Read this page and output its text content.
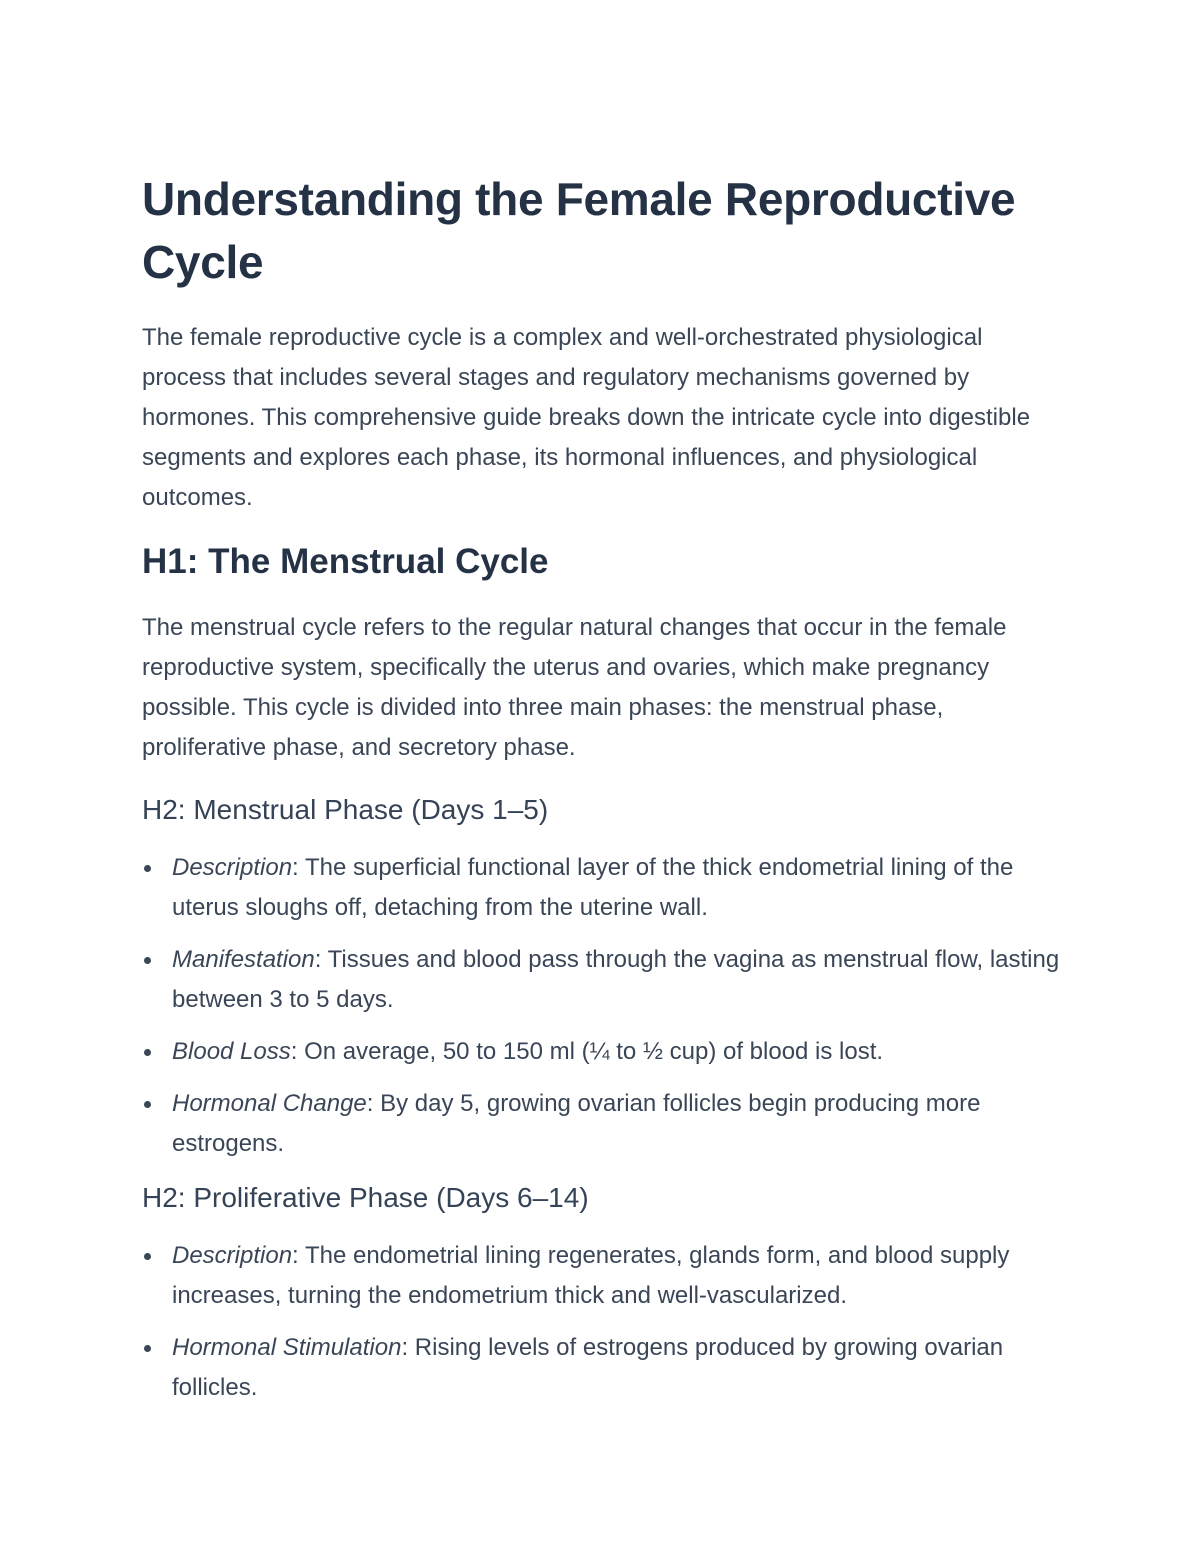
Understanding the Female Reproductive Cycle

The female reproductive cycle is a complex and well-orchestrated physiological process that includes several stages and regulatory mechanisms governed by hormones. This comprehensive guide breaks down the intricate cycle into digestible segments and explores each phase, its hormonal influences, and physiological outcomes.

H1: The Menstrual Cycle

The menstrual cycle refers to the regular natural changes that occur in the female reproductive system, specifically the uterus and ovaries, which make pregnancy possible. This cycle is divided into three main phases: the menstrual phase, proliferative phase, and secretory phase.

H2: Menstrual Phase (Days 1–5)
Description: The superficial functional layer of the thick endometrial lining of the uterus sloughs off, detaching from the uterine wall.
Manifestation: Tissues and blood pass through the vagina as menstrual flow, lasting between 3 to 5 days.
Blood Loss: On average, 50 to 150 ml (¼ to ½ cup) of blood is lost.
Hormonal Change: By day 5, growing ovarian follicles begin producing more estrogens.
H2: Proliferative Phase (Days 6–14)
Description: The endometrial lining regenerates, glands form, and blood supply increases, turning the endometrium thick and well-vascularized.
Hormonal Stimulation: Rising levels of estrogens produced by growing ovarian follicles.
